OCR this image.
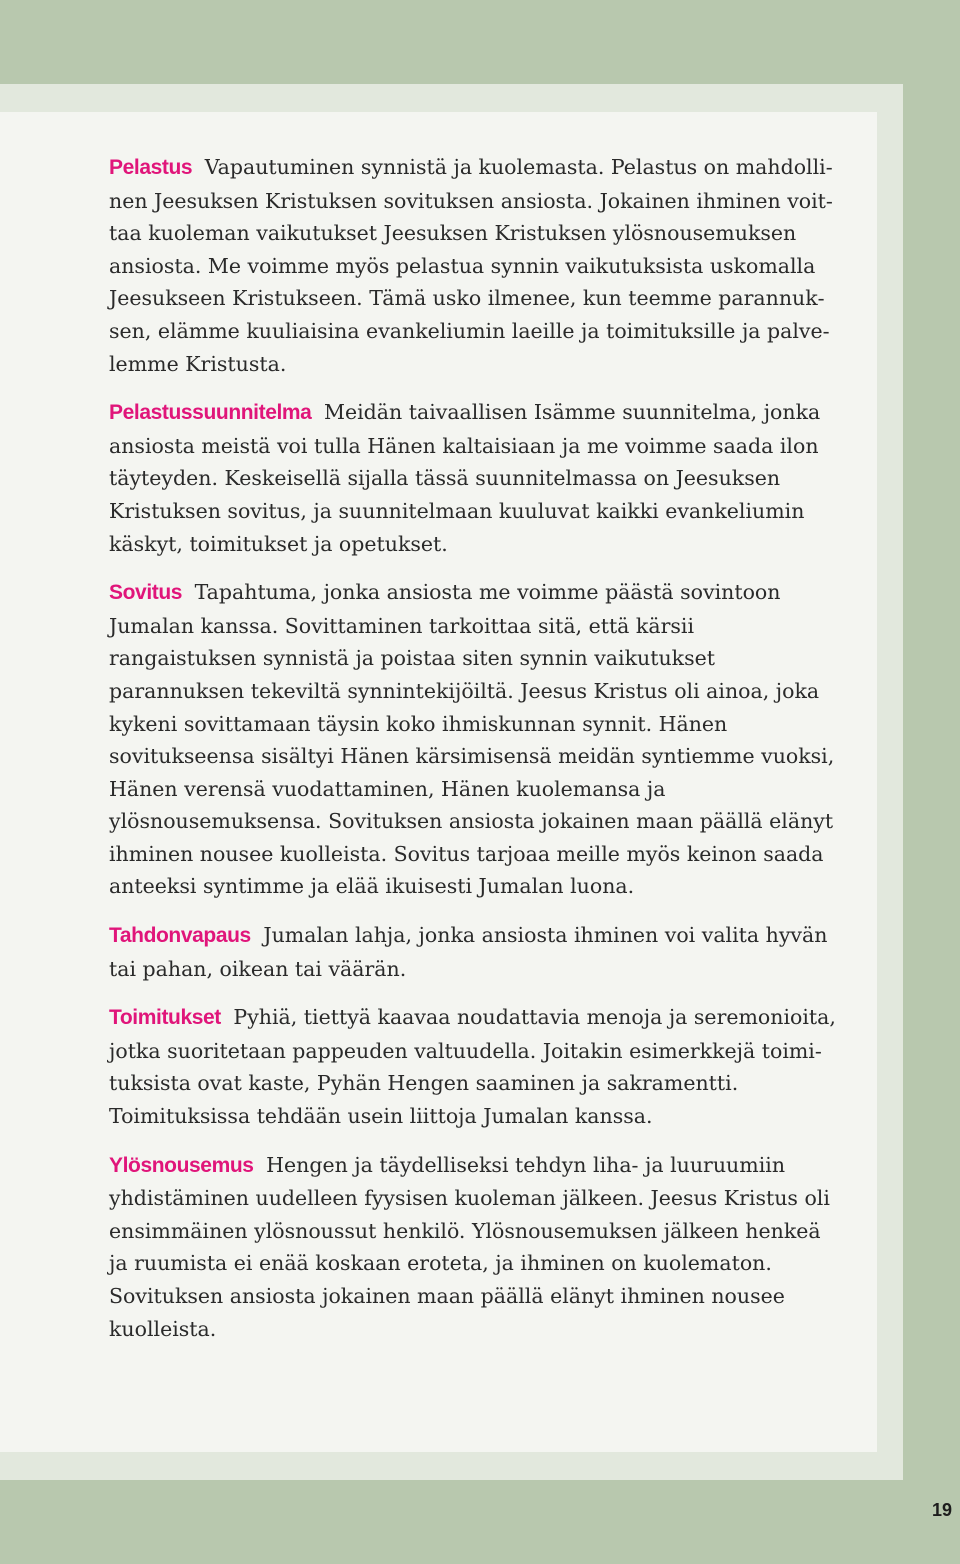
Pelastus Vapautuminen synnistä ja kuolemasta. Pelastus on mahdollinen Jeesuksen Kristuksen sovituksen ansiosta. Jokainen ihminen voittaa kuoleman vaikutukset Jeesuksen Kristuksen ylösnousemuksen ansiosta. Me voimme myös pelastua synnin vaikutuksista uskomalla Jeesukseen Kristukseen. Tämä usko ilmenee, kun teemme parannuksen, elämme kuuliaisina evankeliumin laeille ja toimituksille ja palvelemme Kristusta.

Pelastussuunnitelma Meidän taivaallisen Isämme suunnitelma, jonka ansiosta meistä voi tulla Hänen kaltaisiaan ja me voimme saada ilon täyteyden. Keskeisellä sijalla tässä suunnitelmassa on Jeesuksen Kristuksen sovitus, ja suunnitelmaan kuuluvat kaikki evankeliumin käskyt, toimitukset ja opetukset.

Sovitus Tapahtuma, jonka ansiosta me voimme päästä sovintoon Jumalan kanssa. Sovittaminen tarkoittaa sitä, että kärsii rangaistuksen synnistä ja poistaa siten synnin vaikutukset parannuksen tekeviltä synnintekijöiltä. Jeesus Kristus oli ainoa, joka kykeni sovittamaan täysin koko ihmiskunnan synnit. Hänen sovitukseensa sisältyi Hänen kärsimisensä meidän syntiemme vuoksi, Hänen verensä vuodattaminen, Hänen kuolemansa ja ylösnousemuksensa. Sovituksen ansiosta jokainen maan päällä elänyt ihminen nousee kuolleista. Sovitus tarjoaa meille myös keinon saada anteeksi syntimme ja elää ikuisesti Jumalan luona.

Tahdonvapaus Jumalan lahja, jonka ansiosta ihminen voi valita hyvän tai pahan, oikean tai väärän.

Toimitukset Pyhiä, tiettyä kaavaa noudattavia menoja ja seremonioita, jotka suoritetaan pappeuden valtuudella. Joitakin esimerkkejä toimituksista ovat kaste, Pyhän Hengen saaminen ja sakramentti. Toimituksissa tehdään usein liittoja Jumalan kanssa.

Ylösnousemus Hengen ja täydelliseksi tehdyn liha- ja luuruumiin yhdistäminen uudelleen fyysisen kuoleman jälkeen. Jeesus Kristus oli ensimmäinen ylösnoussut henkilö. Ylösnousemuksen jälkeen henkeä ja ruumista ei enää koskaan eroteta, ja ihminen on kuolematon. Sovituksen ansiosta jokainen maan päällä elänyt ihminen nousee kuolleista.

19
